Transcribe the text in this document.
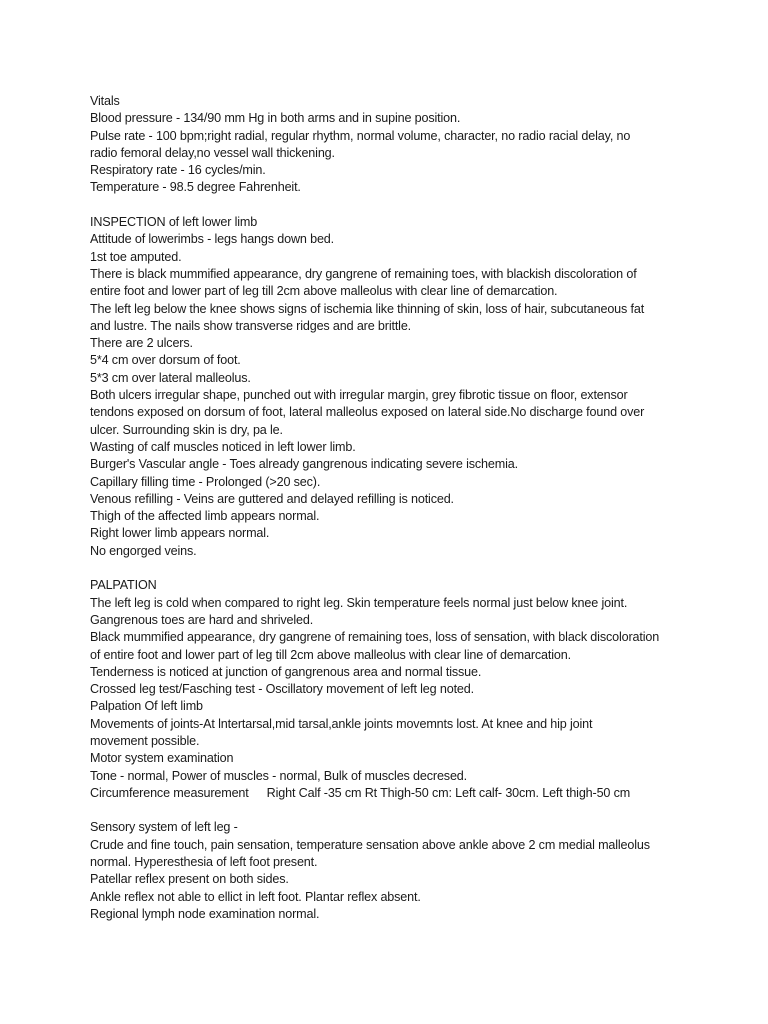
Vitals

Blood pressure - 134/90 mm Hg in both arms and in supine position.

Pulse rate - 100 bpm;right radial, regular rhythm, normal volume, character, no radio racial delay, no

radio femoral delay,no vessel wall thickening.

Respiratory rate - 16 cycles/min.

Temperature - 98.5 degree Fahrenheit.

INSPECTION of left lower limb

Attitude of lowerimbs - legs hangs down bed.

1st toe amputed.

There is black mummified appearance, dry gangrene of remaining toes, with blackish discoloration of

entire foot and lower part of leg till 2cm above malleolus with clear line of demarcation.

The left leg below the knee shows signs of ischemia like thinning of skin, loss of hair, subcutaneous fat

and lustre. The nails show transverse ridges and are brittle.

There are 2 ulcers.

5*4 cm over dorsum of foot.

5*3 cm over lateral malleolus.

Both ulcers irregular shape, punched out with irregular margin, grey fibrotic tissue on floor, extensor

tendons exposed on dorsum of foot, lateral malleolus exposed on lateral side.No discharge found over

ulcer. Surrounding skin is dry, pa le.

Wasting of calf muscles noticed in left lower limb.

Burger's Vascular angle - Toes already gangrenous indicating severe ischemia.

Capillary filling time - Prolonged (>20 sec).

Venous refilling - Veins are guttered and delayed refilling is noticed.

Thigh of the affected limb appears normal.

Right lower limb appears normal.

No engorged veins.

PALPATION

The left leg is cold when compared to right leg. Skin temperature feels normal just below knee joint.

Gangrenous toes are hard and shriveled.

Black mummified appearance, dry gangrene of remaining toes, loss of sensation, with black discoloration

of entire foot and lower part of leg till 2cm above malleolus with clear line of demarcation.

Tenderness is noticed at junction of gangrenous area and normal tissue.

Crossed leg test/Fasching test - Oscillatory movement of left leg noted.

Palpation Of left limb

Movements of joints-At lntertarsal,mid tarsal,ankle joints movemnts lost. At knee and hip joint

movement possible.

Motor system examination

Tone - normal, Power of muscles - normal, Bulk of muscles decresed.

Circumference measurement Right Calf -35 cm Rt Thigh-50 cm: Left calf- 30cm. Left thigh-50 cm

Sensory system of left leg -

Crude and fine touch, pain sensation, temperature sensation above ankle above 2 cm medial malleolus

normal. Hyperesthesia of left foot present.

Patellar reflex present on both sides.

Ankle reflex not able to ellict in left foot. Plantar reflex absent.

Regional lymph node examination normal.
